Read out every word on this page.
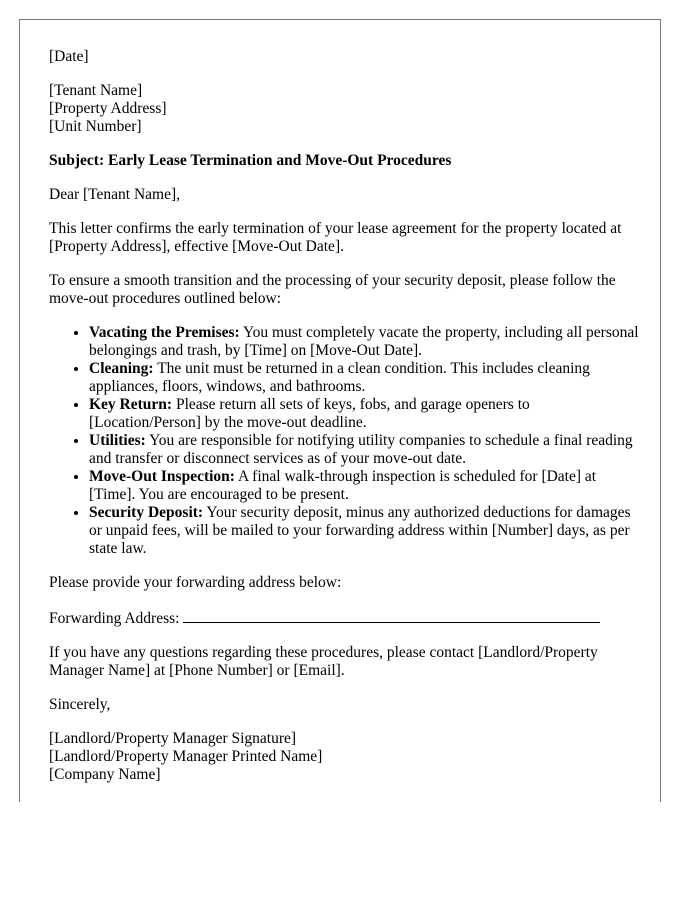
[Date]

[Tenant Name]
[Property Address]
[Unit Number]

Subject: Early Lease Termination and Move-Out Procedures

Dear [Tenant Name],

This letter confirms the early termination of your lease agreement for the property located at [Property Address], effective [Move-Out Date].

To ensure a smooth transition and the processing of your security deposit, please follow the move-out procedures outlined below:

• Vacating the Premises: You must completely vacate the property, including all personal belongings and trash, by [Time] on [Move-Out Date].
• Cleaning: The unit must be returned in a clean condition. This includes cleaning appliances, floors, windows, and bathrooms.
• Key Return: Please return all sets of keys, fobs, and garage openers to [Location/Person] by the move-out deadline.
• Utilities: You are responsible for notifying utility companies to schedule a final reading and transfer or disconnect services as of your move-out date.
• Move-Out Inspection: A final walk-through inspection is scheduled for [Date] at [Time]. You are encouraged to be present.
• Security Deposit: Your security deposit, minus any authorized deductions for damages or unpaid fees, will be mailed to your forwarding address within [Number] days, as per state law.

Please provide your forwarding address below:

Forwarding Address:

If you have any questions regarding these procedures, please contact [Landlord/Property Manager Name] at [Phone Number] or [Email].

Sincerely,

[Landlord/Property Manager Signature]
[Landlord/Property Manager Printed Name]
[Company Name]
